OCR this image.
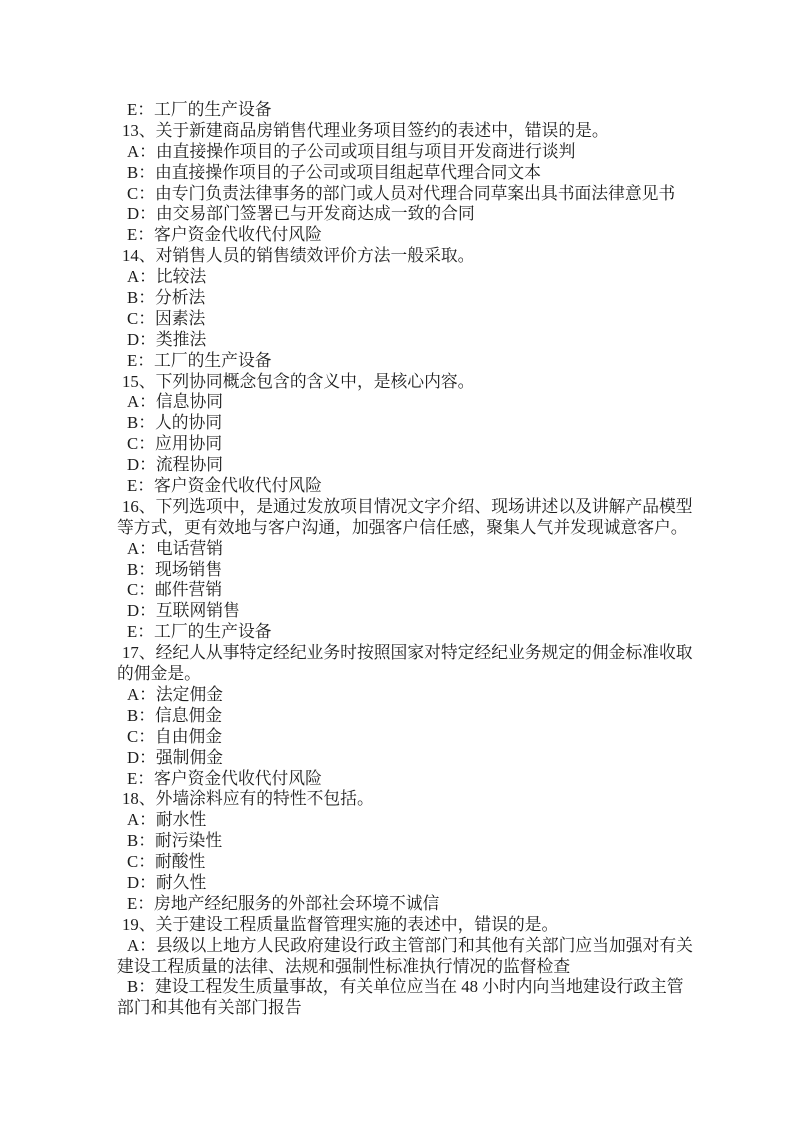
E：工厂的生产设备
13、关于新建商品房销售代理业务项目签约的表述中，错误的是。
A：由直接操作项目的子公司或项目组与项目开发商进行谈判
B：由直接操作项目的子公司或项目组起草代理合同文本
C：由专门负责法律事务的部门或人员对代理合同草案出具书面法律意见书
D：由交易部门签署已与开发商达成一致的合同
E：客户资金代收代付风险
14、对销售人员的销售绩效评价方法一般采取。
A：比较法
B：分析法
C：因素法
D：类推法
E：工厂的生产设备
15、下列协同概念包含的含义中，是核心内容。
A：信息协同
B：人的协同
C：应用协同
D：流程协同
E：客户资金代收代付风险
16、下列选项中，是通过发放项目情况文字介绍、现场讲述以及讲解产品模型
等方式，更有效地与客户沟通，加强客户信任感，聚集人气并发现诚意客户。
A：电话营销
B：现场销售
C：邮件营销
D：互联网销售
E：工厂的生产设备
17、经纪人从事特定经纪业务时按照国家对特定经纪业务规定的佣金标准收取
的佣金是。
A：法定佣金
B：信息佣金
C：自由佣金
D：强制佣金
E：客户资金代收代付风险
18、外墙涂料应有的特性不包括。
A：耐水性
B：耐污染性
C：耐酸性
D：耐久性
E：房地产经纪服务的外部社会环境不诚信
19、关于建设工程质量监督管理实施的表述中，错误的是。
A：县级以上地方人民政府建设行政主管部门和其他有关部门应当加强对有关
建设工程质量的法律、法规和强制性标准执行情况的监督检查
B：建设工程发生质量事故，有关单位应当在 48 小时内向当地建设行政主管
部门和其他有关部门报告
